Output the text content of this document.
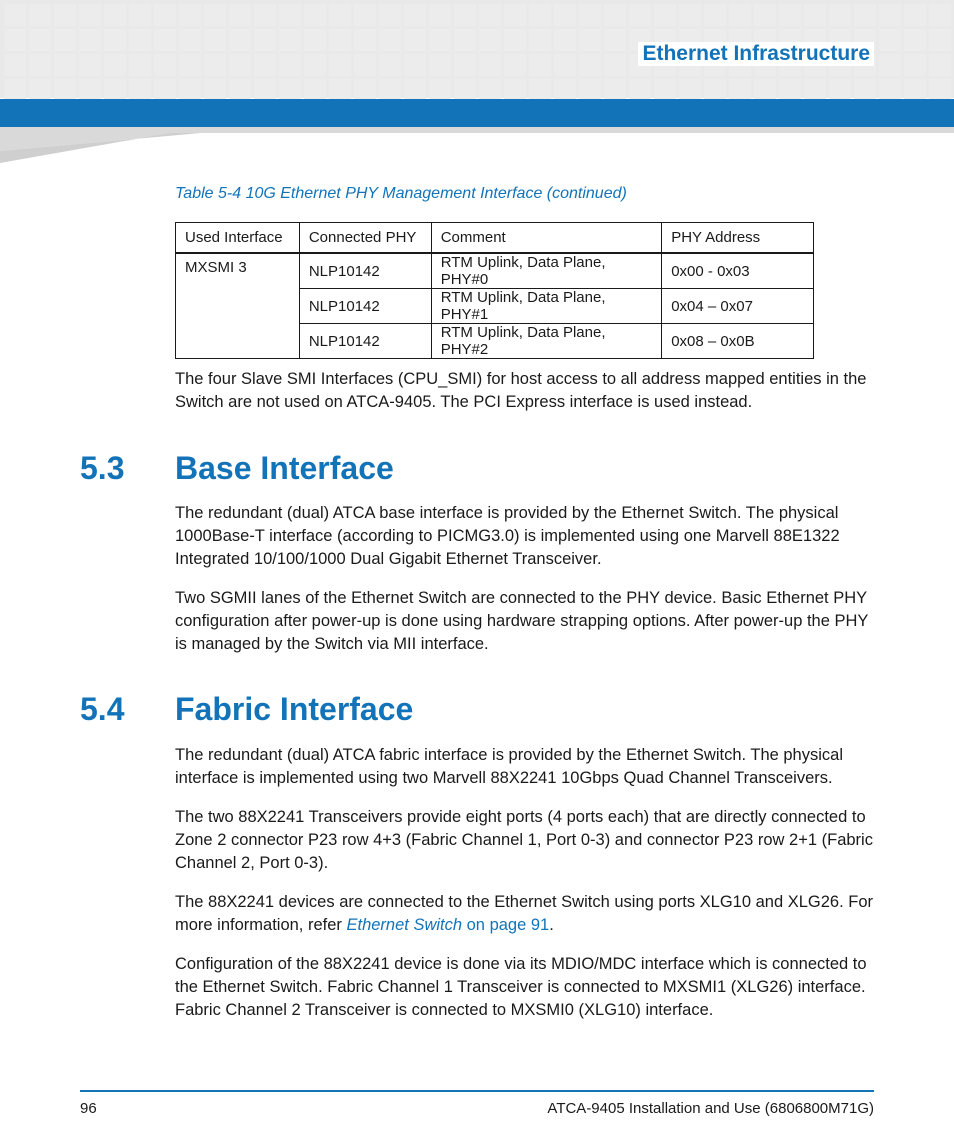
Ethernet Infrastructure

Table 5-4 10G Ethernet PHY Management Interface (continued)

Used Interface	Connected PHY	Comment	PHY Address
MXSMI 3	NLP10142	RTM Uplink, Data Plane, PHY#0	0x00 - 0x03
	NLP10142	RTM Uplink, Data Plane, PHY#1	0x04 – 0x07
	NLP10142	RTM Uplink, Data Plane, PHY#2	0x08 – 0x0B

The four Slave SMI Interfaces (CPU_SMI) for host access to all address mapped entities in the Switch are not used on ATCA-9405. The PCI Express interface is used instead.

5.3 Base Interface

The redundant (dual) ATCA base interface is provided by the Ethernet Switch. The physical 1000Base-T interface (according to PICMG3.0) is implemented using one Marvell 88E1322 Integrated 10/100/1000 Dual Gigabit Ethernet Transceiver.

Two SGMII lanes of the Ethernet Switch are connected to the PHY device. Basic Ethernet PHY configuration after power-up is done using hardware strapping options. After power-up the PHY is managed by the Switch via MII interface.

5.4 Fabric Interface

The redundant (dual) ATCA fabric interface is provided by the Ethernet Switch. The physical interface is implemented using two Marvell 88X2241 10Gbps Quad Channel Transceivers.

The two 88X2241 Transceivers provide eight ports (4 ports each) that are directly connected to Zone 2 connector P23 row 4+3 (Fabric Channel 1, Port 0-3) and connector P23 row 2+1 (Fabric Channel 2, Port 0-3).

The 88X2241 devices are connected to the Ethernet Switch using ports XLG10 and XLG26. For more information, refer Ethernet Switch on page 91.

Configuration of the 88X2241 device is done via its MDIO/MDC interface which is connected to the Ethernet Switch. Fabric Channel 1 Transceiver is connected to MXSMI1 (XLG26) interface. Fabric Channel 2 Transceiver is connected to MXSMI0 (XLG10) interface.

96	ATCA-9405 Installation and Use (6806800M71G)
